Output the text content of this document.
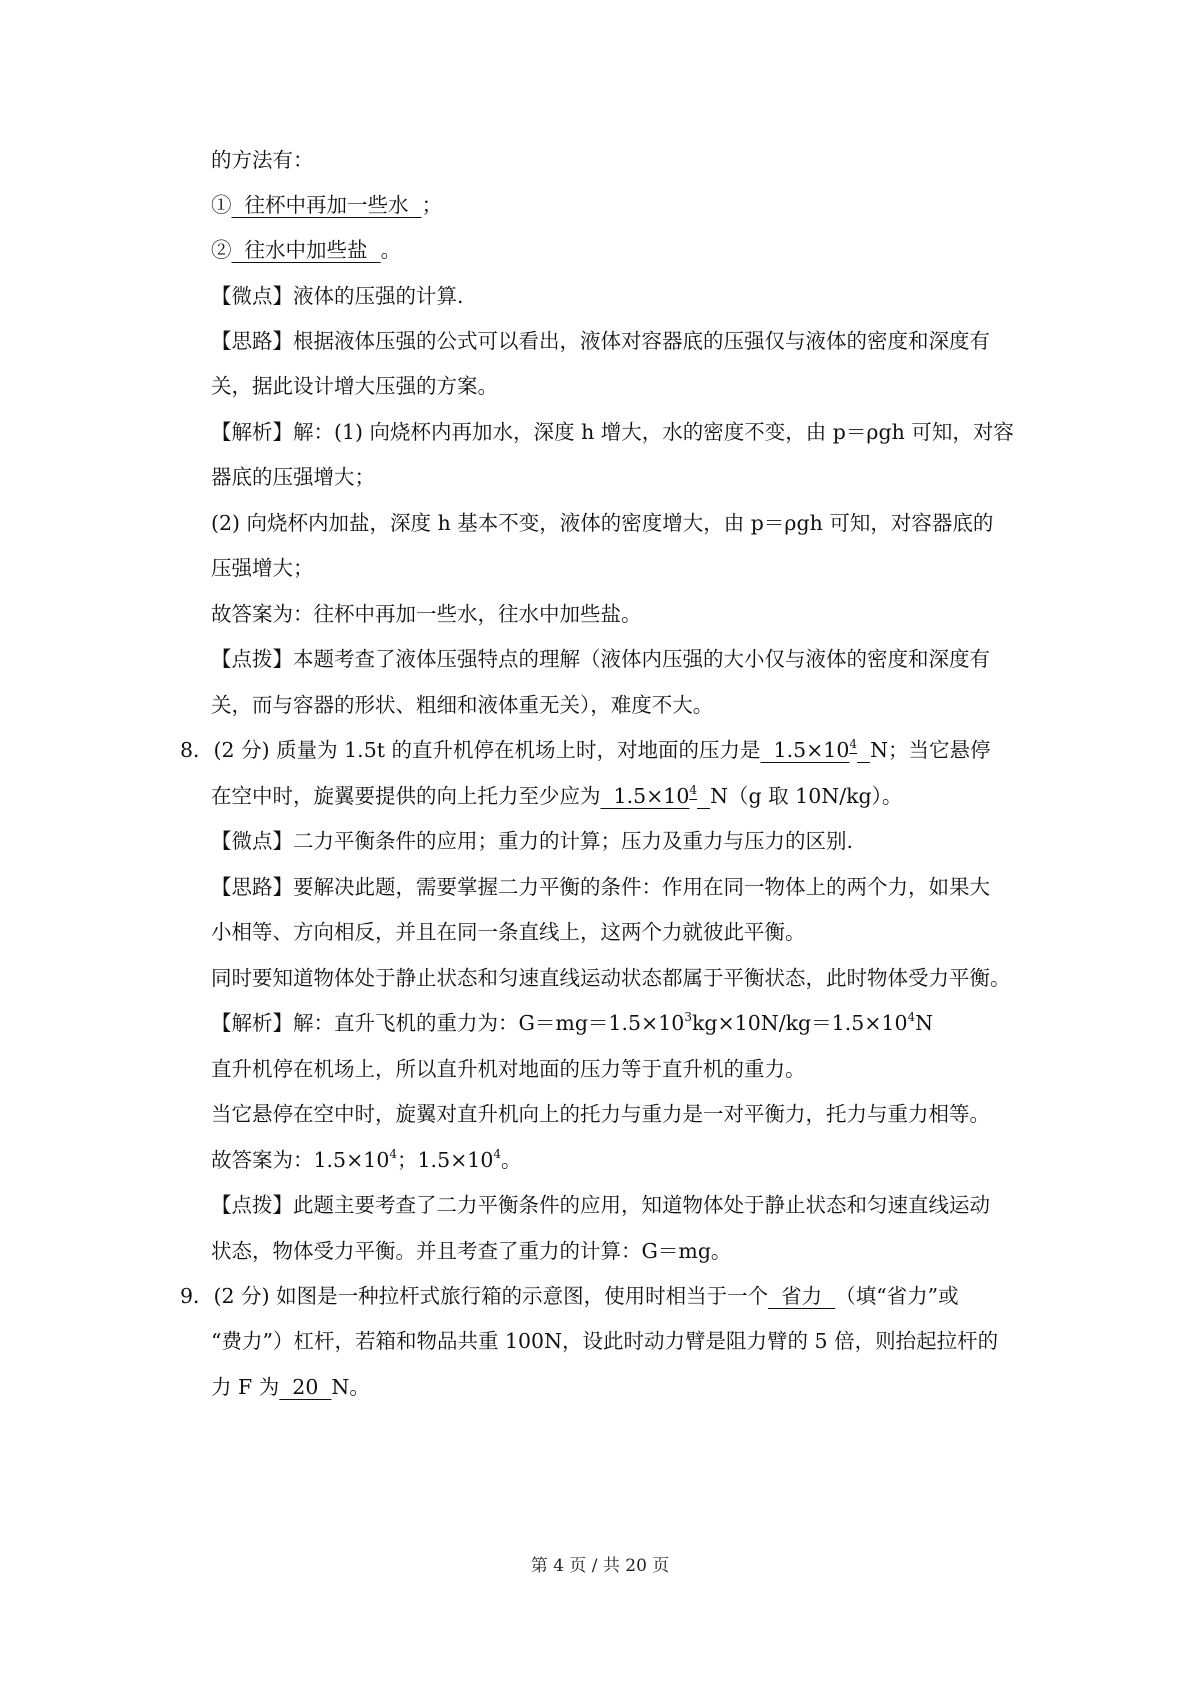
的方法有：
①  往杯中再加一些水  ；
②  往水中加些盐  。
【微点】液体的压强的计算.
【思路】根据液体压强的公式可以看出，液体对容器底的压强仅与液体的密度和深度有
关，据此设计增大压强的方案。
【解析】解：(1) 向烧杯内再加水，深度 h 增大，水的密度不变，由 p＝ρgh 可知，对容
器底的压强增大；
(2) 向烧杯内加盐，深度 h 基本不变，液体的密度增大，由 p＝ρgh 可知，对容器底的
压强增大；
故答案为：往杯中再加一些水，往水中加些盐。
【点拨】本题考查了液体压强特点的理解（液体内压强的大小仅与液体的密度和深度有
关，而与容器的形状、粗细和液体重无关），难度不大。
8．(2 分) 质量为 1.5t 的直升机停在机场上时，对地面的压力是  $1.5\times 10^4$ N；当它悬停
在空中时，旋翼要提供的向上托力至少应为  $1.5\times 10^4$ N（g 取 10N/kg）。
【微点】二力平衡条件的应用；重力的计算；压力及重力与压力的区别.
【思路】要解决此题，需要掌握二力平衡的条件：作用在同一物体上的两个力，如果大
小相等、方向相反，并且在同一条直线上，这两个力就彼此平衡。
同时要知道物体处于静止状态和匀速直线运动状态都属于平衡状态，此时物体受力平衡。
【解析】解：直升飞机的重力为：$G=mg=1.5\times 10^3kg\times 10N/kg=1.5\times 10^4N$
直升机停在机场上，所以直升机对地面的压力等于直升机的重力。
当它悬停在空中时，旋翼对直升机向上的托力与重力是一对平衡力，托力与重力相等。
故答案为：$1.5\times 10^4$；$1.5\times 10^4$。
【点拨】此题主要考查了二力平衡条件的应用，知道物体处于静止状态和匀速直线运动
状态，物体受力平衡。并且考查了重力的计算：G＝mg。
9．(2 分) 如图是一种拉杆式旅行箱的示意图，使用时相当于一个  省力  （填“省力”或
“费力”）杠杆，若箱和物品共重 100N，设此时动力臂是阻力臂的 5 倍，则抬起拉杆的
力 F 为  20  N。
第 4 页 / 共 20 页
